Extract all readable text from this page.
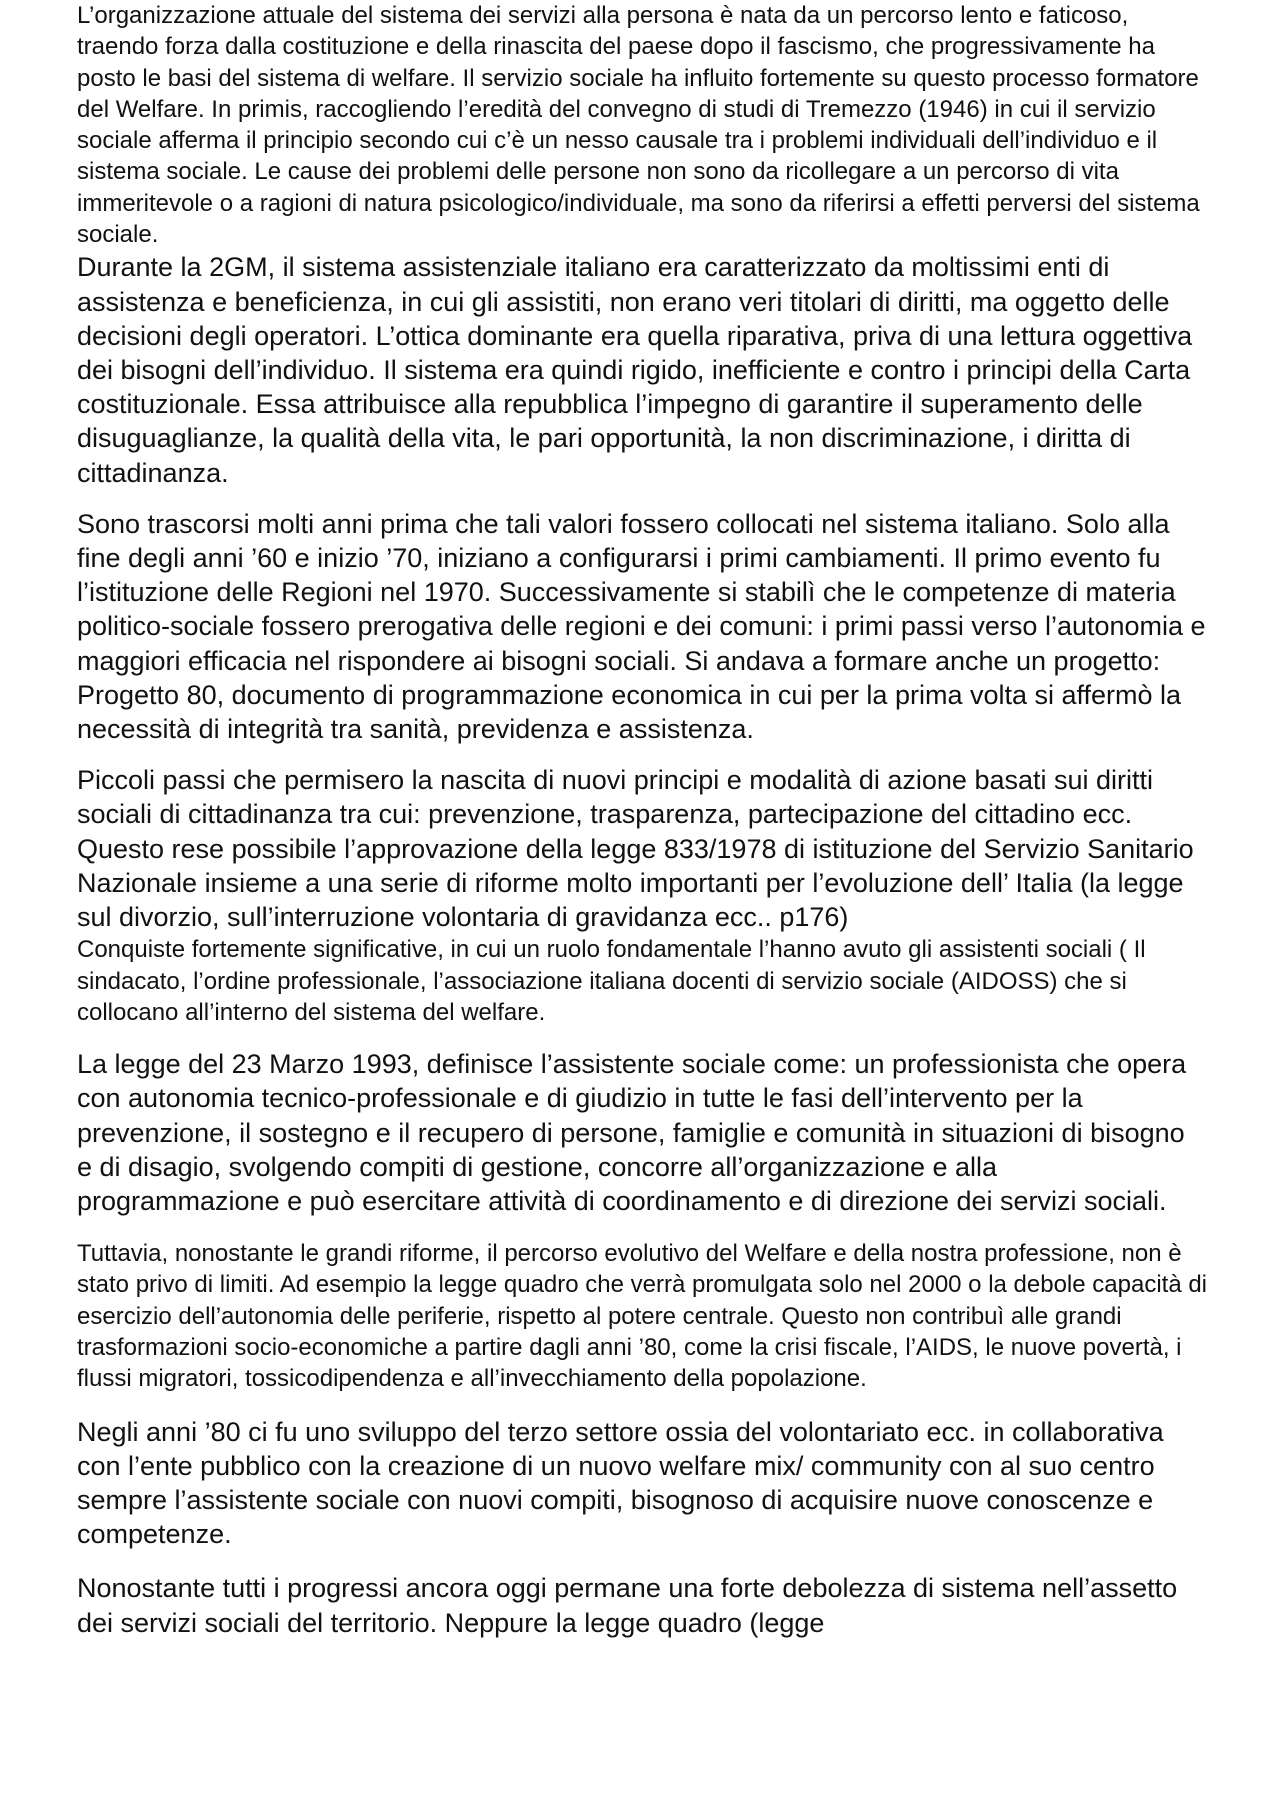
L’organizzazione attuale del sistema dei servizi alla persona è nata da un percorso lento e faticoso, traendo forza dalla costituzione e della rinascita del paese dopo il fascismo, che progressivamente ha posto le basi del sistema di welfare. Il servizio sociale ha influito fortemente su questo processo formatore del Welfare. In primis, raccogliendo l’eredità del convegno di studi di Tremezzo (1946) in cui il servizio sociale afferma il principio secondo cui c’è un nesso causale tra i problemi individuali dell’individuo e il sistema sociale. Le cause dei problemi delle persone non sono da ricollegare a un percorso di vita immeritevole o a ragioni di natura psicologico/individuale, ma sono da riferirsi a effetti perversi del sistema sociale.

Durante la 2GM, il sistema assistenziale italiano era caratterizzato da moltissimi enti di assistenza e beneficienza, in cui gli assistiti, non erano veri titolari di diritti, ma oggetto delle decisioni degli operatori. L’ottica dominante era quella riparativa, priva di una lettura oggettiva dei bisogni dell’individuo. Il sistema era quindi rigido, inefficiente e contro i principi della Carta costituzionale. Essa attribuisce alla repubblica l’impegno di garantire il superamento delle disuguaglianze, la qualità della vita, le pari opportunità, la non discriminazione, i diritta di cittadinanza.

Sono trascorsi molti anni prima che tali valori fossero collocati nel sistema italiano. Solo alla fine degli anni ’60 e inizio ’70, iniziano a configurarsi i primi cambiamenti. Il primo evento fu l’istituzione delle Regioni nel 1970. Successivamente si stabilì che le competenze di materia politico-sociale fossero prerogativa delle regioni e dei comuni: i primi passi verso l’autonomia e maggiori efficacia nel rispondere ai bisogni sociali. Si andava a formare anche un progetto: Progetto 80, documento di programmazione economica in cui per la prima volta si affermò la necessità di integrità tra sanità, previdenza e assistenza.

Piccoli passi che permisero la nascita di nuovi principi e modalità di azione basati sui diritti sociali di cittadinanza tra cui: prevenzione, trasparenza, partecipazione del cittadino ecc. Questo rese possibile l’approvazione della legge 833/1978 di istituzione del Servizio Sanitario Nazionale insieme a una serie di riforme molto importanti per l’evoluzione dell’ Italia (la legge sul divorzio, sull’interruzione volontaria di gravidanza ecc.. p176)

Conquiste fortemente significative, in cui un ruolo fondamentale l’hanno avuto gli assistenti sociali ( Il sindacato, l’ordine professionale, l’associazione italiana docenti di servizio sociale (AIDOSS) che si collocano all’interno del sistema del welfare.

La legge del 23 Marzo 1993, definisce l’assistente sociale come: un professionista che opera con autonomia tecnico-professionale e di giudizio in tutte le fasi dell’intervento per la prevenzione, il sostegno e il recupero di persone, famiglie e comunità in situazioni di bisogno e di disagio, svolgendo compiti di gestione, concorre all’organizzazione e alla programmazione e può esercitare attività di coordinamento e di direzione dei servizi sociali.

Tuttavia, nonostante le grandi riforme, il percorso evolutivo del Welfare e della nostra professione, non è stato privo di limiti. Ad esempio la legge quadro che verrà promulgata solo nel 2000 o la debole capacità di esercizio dell’autonomia delle periferie, rispetto al potere centrale. Questo non contribuì alle grandi trasformazioni socio-economiche a partire dagli anni ’80, come la crisi fiscale, l’AIDS, le nuove povertà, i flussi migratori, tossicodipendenza e all’invecchiamento della popolazione.

Negli anni ’80 ci fu uno sviluppo del terzo settore ossia del volontariato ecc. in collaborativa con l’ente pubblico con la creazione di un nuovo welfare mix/ community con al suo centro sempre l’assistente sociale con nuovi compiti, bisognoso di acquisire nuove conoscenze e competenze.

Nonostante tutti i progressi ancora oggi permane una forte debolezza di sistema nell’assetto dei servizi sociali del territorio. Neppure la legge quadro (legge
